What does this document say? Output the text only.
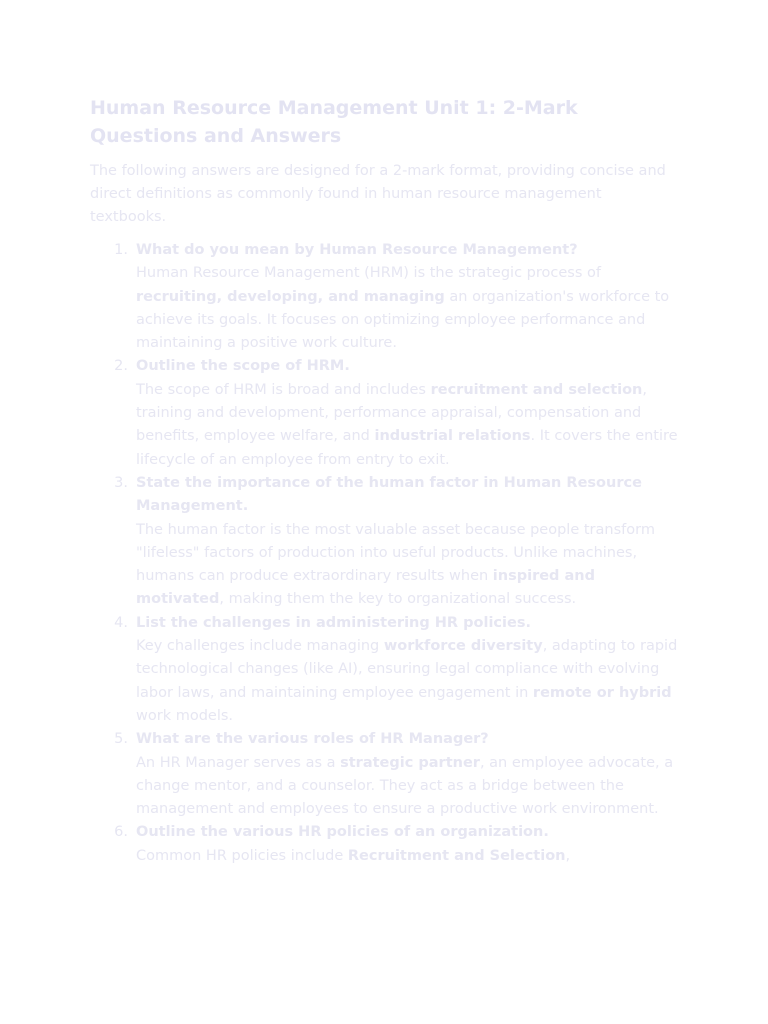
Human Resource Management Unit 1: 2-Mark Questions and Answers

The following answers are designed for a 2-mark format, providing concise and direct definitions as commonly found in human resource management textbooks.

1. What do you mean by Human Resource Management?
Human Resource Management (HRM) is the strategic process of recruiting, developing, and managing an organization's workforce to achieve its goals. It focuses on optimizing employee performance and maintaining a positive work culture.
2. Outline the scope of HRM.
The scope of HRM is broad and includes recruitment and selection, training and development, performance appraisal, compensation and benefits, employee welfare, and industrial relations. It covers the entire lifecycle of an employee from entry to exit.
3. State the importance of the human factor in Human Resource Management.
The human factor is the most valuable asset because people transform "lifeless" factors of production into useful products. Unlike machines, humans can produce extraordinary results when inspired and motivated, making them the key to organizational success.
4. List the challenges in administering HR policies.
Key challenges include managing workforce diversity, adapting to rapid technological changes (like AI), ensuring legal compliance with evolving labor laws, and maintaining employee engagement in remote or hybrid work models.
5. What are the various roles of HR Manager?
An HR Manager serves as a strategic partner, an employee advocate, a change mentor, and a counselor. They act as a bridge between the management and employees to ensure a productive work environment.
6. Outline the various HR policies of an organization.
Common HR policies include Recruitment and Selection,
